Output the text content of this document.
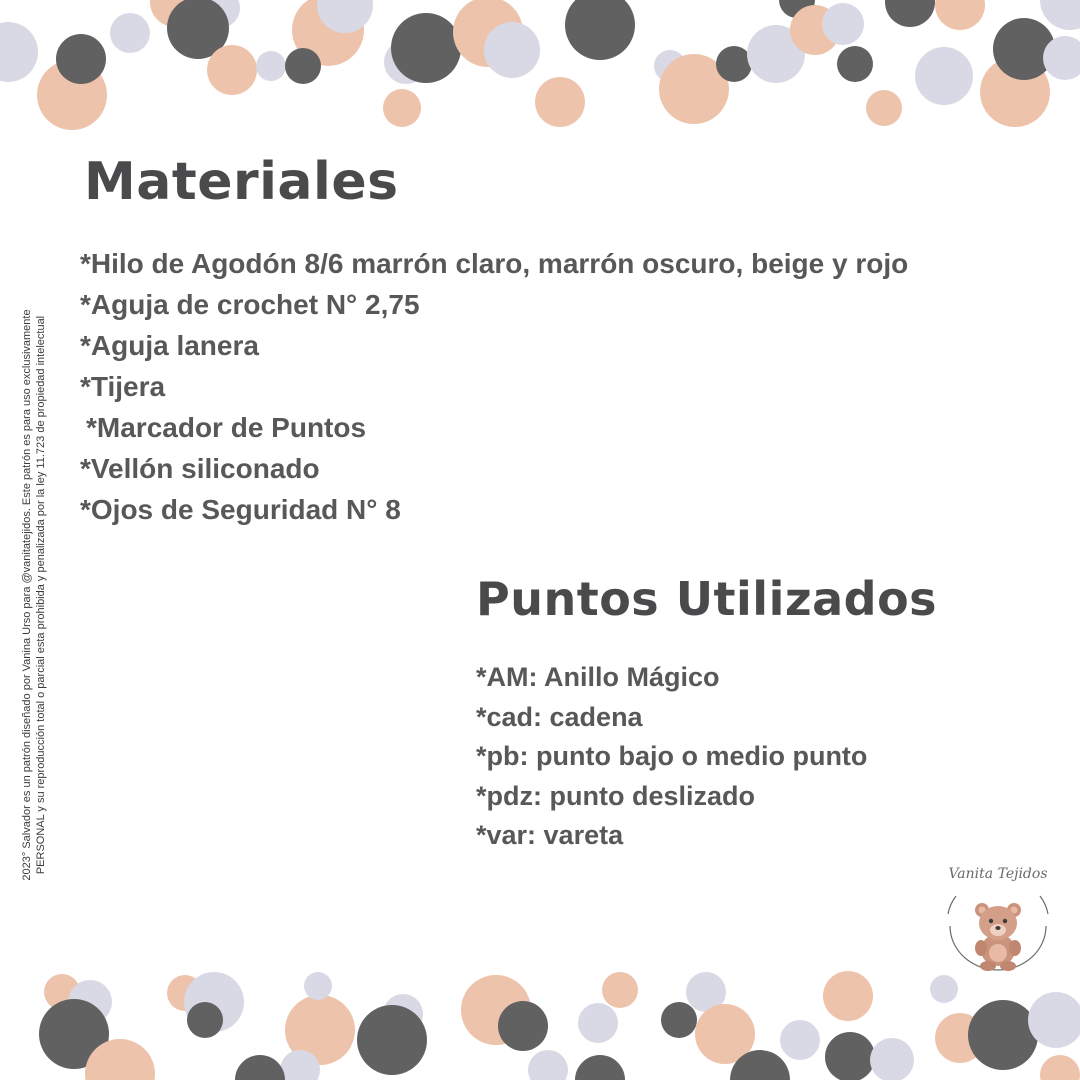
Materiales
*Hilo de Agodón 8/6 marrón claro, marrón oscuro, beige y rojo
*Aguja de crochet N° 2,75
*Aguja lanera
*Tijera
*Marcador de Puntos
*Vellón siliconado
*Ojos de Seguridad N° 8
Puntos Utilizados
*AM: Anillo Mágico
*cad: cadena
*pb: punto bajo o medio punto
*pdz: punto deslizado
*var: vareta
2023° Salvador es un patrón diseñado por Vanina Urso para @vanitatejidos. Este patrón es para uso exclusivamente PERSONAL y su reproducción total o parcial esta prohibida y penalizada por la ley 11.723 de propiedad intelectual	Vanita Tejidos
